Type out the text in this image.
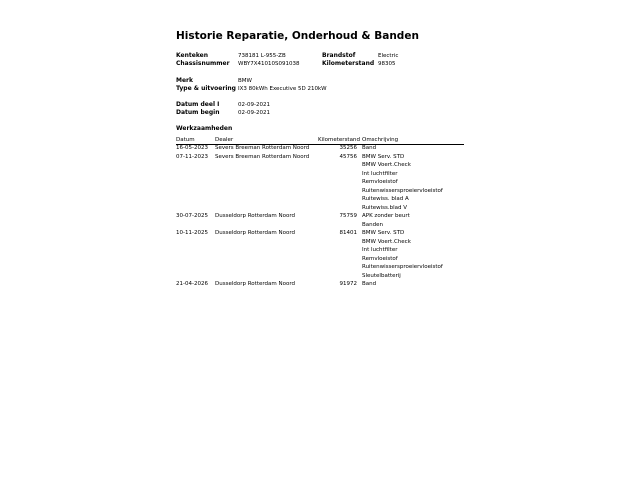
Historie Reparatie, Onderhoud & Banden
Kenteken	738181 L-955-ZB	Brandstof	Electric
Chassisnummer WBY7X41010S091038	Kilometerstand 98305
Merk	BMW
Type & uitvoering IX3 80kWh Executive 5D 210kW
Datum deel I	02-09-2021
Datum begin	02-09-2021
Werkzaamheden
Datum	Dealer	Kilometerstand Omschrijving
16-05-2023 Severs Breeman Rotterdam Noord	35256 Band
07-11-2023 Severs Breeman Rotterdam Noord	45756 BMW Serv. STD
BMW Voert.Check
Int luchtfilter
Remvloeistof
Ruitenwissersproeiervloeistof
Ruitewiss. blad A
Ruitewiss.blad V
30-07-2025 Dusseldorp Rotterdam Noord	75759 APK zonder beurt
Banden
10-11-2025 Dusseldorp Rotterdam Noord	81401 BMW Serv. STD
BMW Voert.Check
Int luchtfilter
Remvloeistof
Ruitenwissersproeiervloeistof
Sleutelbatterij
21-04-2026 Dusseldorp Rotterdam Noord	91972 Band
